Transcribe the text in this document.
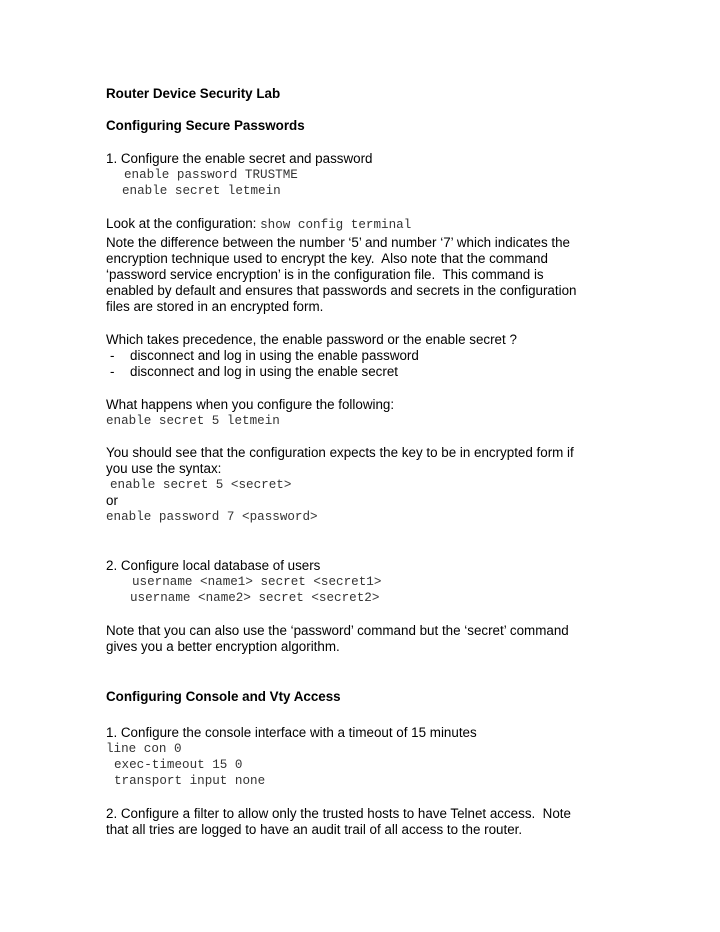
Router Device Security Lab

Configuring Secure Passwords

1. Configure the enable secret and password

enable password TRUSTME

enable secret letmein

Look at the configuration: show config terminal

Note the difference between the number ‘5’ and number ‘7’ which indicates the

encryption technique used to encrypt the key.  Also note that the command

‘password service encryption’ is in the configuration file.  This command is

enabled by default and ensures that passwords and secrets in the configuration

files are stored in an encrypted form.

Which takes precedence, the enable password or the enable secret ?

- disconnect and log in using the enable password

- disconnect and log in using the enable secret

What happens when you configure the following:

enable secret 5 letmein

You should see that the configuration expects the key to be in encrypted form if

you use the syntax:

enable secret 5 <secret>

or

enable password 7 <password>

2. Configure local database of users

username <name1> secret <secret1>

username <name2> secret <secret2>

Note that you can also use the ‘password’ command but the ‘secret’ command

gives you a better encryption algorithm.

Configuring Console and Vty Access

1. Configure the console interface with a timeout of 15 minutes

line con 0

exec-timeout 15 0

transport input none

2. Configure a filter to allow only the trusted hosts to have Telnet access.  Note

that all tries are logged to have an audit trail of all access to the router.
